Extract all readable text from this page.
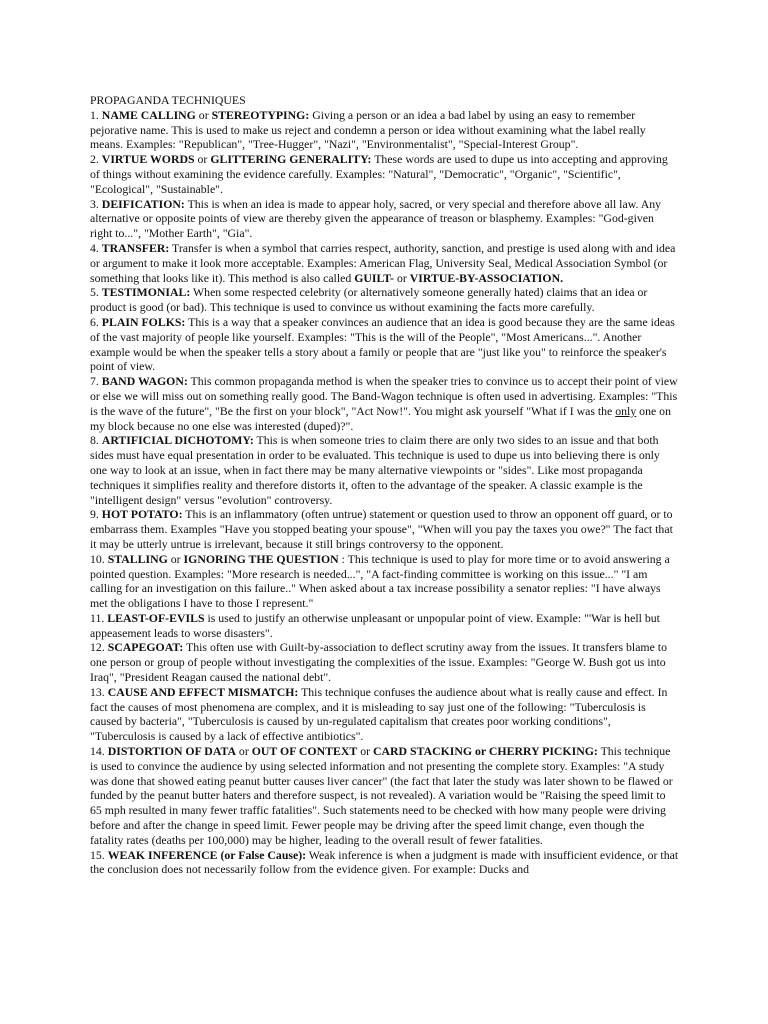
PROPAGANDA TECHNIQUES
1. NAME CALLING or STEREOTYPING: Giving a person or an idea a bad label by using an easy to remember pejorative name. This is used to make us reject and condemn a person or idea without examining what the label really means. Examples: "Republican", "Tree-Hugger", "Nazi", "Environmentalist", "Special-Interest Group".
2. VIRTUE WORDS or GLITTERING GENERALITY: These words are used to dupe us into accepting and approving of things without examining the evidence carefully. Examples: "Natural", "Democratic", "Organic", "Scientific", "Ecological", "Sustainable".
3. DEIFICATION: This is when an idea is made to appear holy, sacred, or very special and therefore above all law. Any alternative or opposite points of view are thereby given the appearance of treason or blasphemy. Examples: "God-given right to...", "Mother Earth", "Gia".
4. TRANSFER: Transfer is when a symbol that carries respect, authority, sanction, and prestige is used along with and idea or argument to make it look more acceptable. Examples: American Flag, University Seal, Medical Association Symbol (or something that looks like it). This method is also called GUILT- or VIRTUE-BY-ASSOCIATION.
5. TESTIMONIAL: When some respected celebrity (or alternatively someone generally hated) claims that an idea or product is good (or bad). This technique is used to convince us without examining the facts more carefully.
6. PLAIN FOLKS: This is a way that a speaker convinces an audience that an idea is good because they are the same ideas of the vast majority of people like yourself. Examples: "This is the will of the People", "Most Americans...". Another example would be when the speaker tells a story about a family or people that are "just like you" to reinforce the speaker's point of view.
7. BAND WAGON: This common propaganda method is when the speaker tries to convince us to accept their point of view or else we will miss out on something really good. The Band-Wagon technique is often used in advertising. Examples: "This is the wave of the future", "Be the first on your block", "Act Now!". You might ask yourself "What if I was the only one on my block because no one else was interested (duped)?".
8. ARTIFICIAL DICHOTOMY: This is when someone tries to claim there are only two sides to an issue and that both sides must have equal presentation in order to be evaluated. This technique is used to dupe us into believing there is only one way to look at an issue, when in fact there may be many alternative viewpoints or "sides". Like most propaganda techniques it simplifies reality and therefore distorts it, often to the advantage of the speaker. A classic example is the "intelligent design" versus "evolution" controversy.
9. HOT POTATO: This is an inflammatory (often untrue) statement or question used to throw an opponent off guard, or to embarrass them. Examples "Have you stopped beating your spouse", "When will you pay the taxes you owe?" The fact that it may be utterly untrue is irrelevant, because it still brings controversy to the opponent.
10. STALLING or IGNORING THE QUESTION : This technique is used to play for more time or to avoid answering a pointed question. Examples: "More research is needed...", "A fact-finding committee is working on this issue..." "I am calling for an investigation on this failure.." When asked about a tax increase possibility a senator replies: "I have always met the obligations I have to those I represent."
11. LEAST-OF-EVILS is used to justify an otherwise unpleasant or unpopular point of view. Example: "'War is hell but appeasement leads to worse disasters".
12. SCAPEGOAT: This often use with Guilt-by-association to deflect scrutiny away from the issues. It transfers blame to one person or group of people without investigating the complexities of the issue. Examples: "George W. Bush got us into Iraq", "President Reagan caused the national debt".
13. CAUSE AND EFFECT MISMATCH: This technique confuses the audience about what is really cause and effect. In fact the causes of most phenomena are complex, and it is misleading to say just one of the following: "Tuberculosis is caused by bacteria", "Tuberculosis is caused by un-regulated capitalism that creates poor working conditions", "Tuberculosis is caused by a lack of effective antibiotics".
14. DISTORTION OF DATA or OUT OF CONTEXT or CARD STACKING or CHERRY PICKING: This technique is used to convince the audience by using selected information and not presenting the complete story. Examples: "A study was done that showed eating peanut butter causes liver cancer" (the fact that later the study was later shown to be flawed or funded by the peanut butter haters and therefore suspect, is not revealed). A variation would be "Raising the speed limit to 65 mph resulted in many fewer traffic fatalities". Such statements need to be checked with how many people were driving before and after the change in speed limit. Fewer people may be driving after the speed limit change, even though the fatality rates (deaths per 100,000) may be higher, leading to the overall result of fewer fatalities.
15. WEAK INFERENCE (or False Cause): Weak inference is when a judgment is made with insufficient evidence, or that the conclusion does not necessarily follow from the evidence given. For example: Ducks and
